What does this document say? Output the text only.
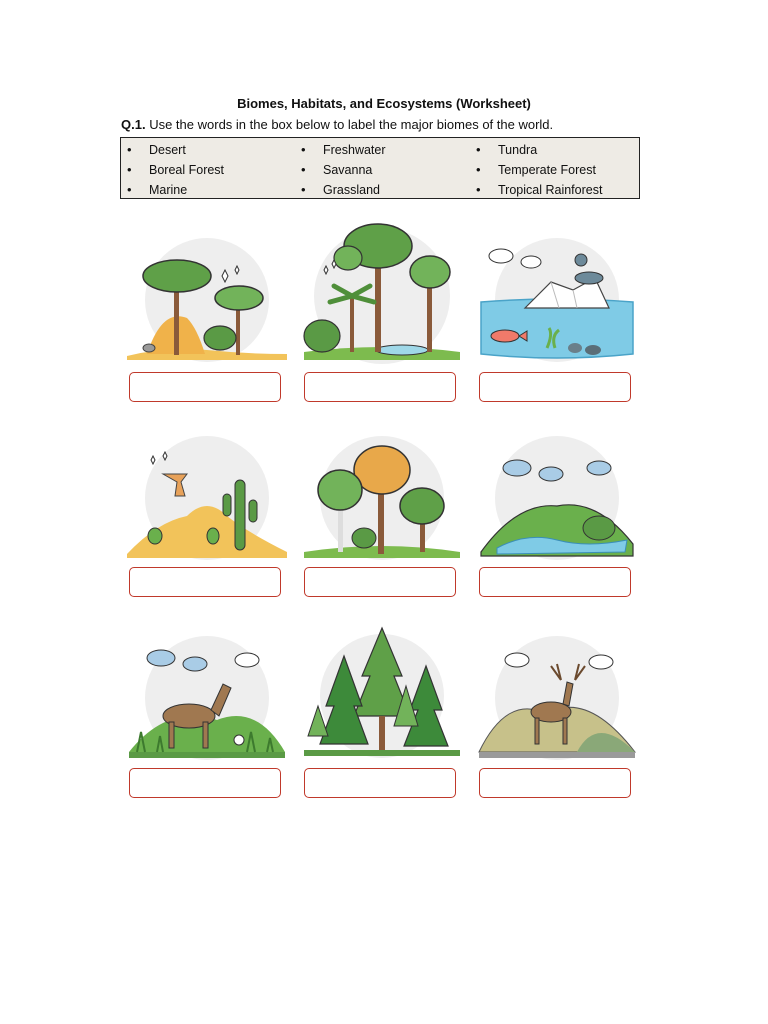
Biomes, Habitats, and Ecosystems (Worksheet)
Q.1. Use the words in the box below to label the major biomes of the world.
• Desert
• Boreal Forest
• Marine
• Freshwater
• Savanna
• Grassland
• Tundra
• Temperate Forest
• Tropical Rainforest
